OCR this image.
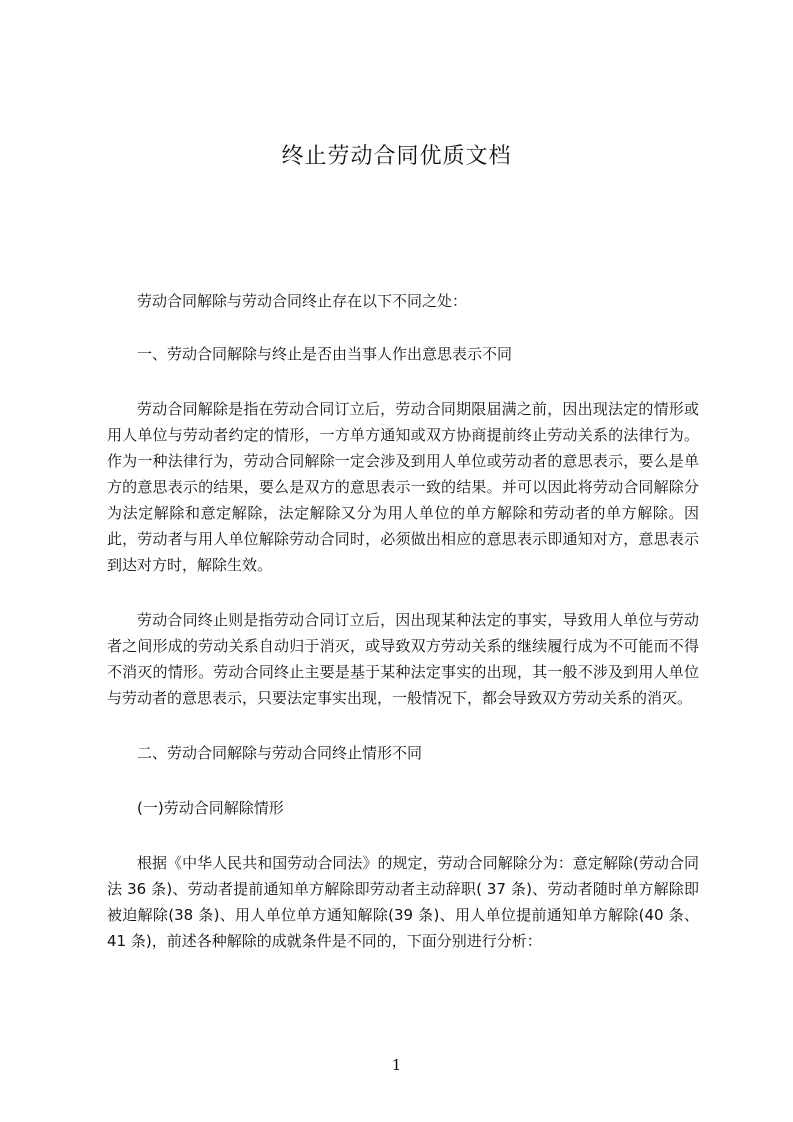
终止劳动合同优质文档

劳动合同解除与劳动合同终止存在以下不同之处：

一、劳动合同解除与终止是否由当事人作出意思表示不同

劳动合同解除是指在劳动合同订立后，劳动合同期限届满之前，因出现法定的情形或用人单位与劳动者约定的情形，一方单方通知或双方协商提前终止劳动关系的法律行为。作为一种法律行为，劳动合同解除一定会涉及到用人单位或劳动者的意思表示，要么是单方的意思表示的结果，要么是双方的意思表示一致的结果。并可以因此将劳动合同解除分为法定解除和意定解除，法定解除又分为用人单位的单方解除和劳动者的单方解除。因此，劳动者与用人单位解除劳动合同时，必须做出相应的意思表示即通知对方，意思表示到达对方时，解除生效。

劳动合同终止则是指劳动合同订立后，因出现某种法定的事实，导致用人单位与劳动者之间形成的劳动关系自动归于消灭，或导致双方劳动关系的继续履行成为不可能而不得不消灭的情形。劳动合同终止主要是基于某种法定事实的出现，其一般不涉及到用人单位与劳动者的意思表示，只要法定事实出现，一般情况下，都会导致双方劳动关系的消灭。

二、劳动合同解除与劳动合同终止情形不同

(一)劳动合同解除情形

根据《中华人民共和国劳动合同法》的规定，劳动合同解除分为：意定解除(劳动合同法 36 条)、劳动者提前通知单方解除即劳动者主动辞职( 37 条)、劳动者随时单方解除即被迫解除(38 条)、用人单位单方通知解除(39 条)、用人单位提前通知单方解除(40 条、41 条)，前述各种解除的成就条件是不同的，下面分别进行分析：

1
